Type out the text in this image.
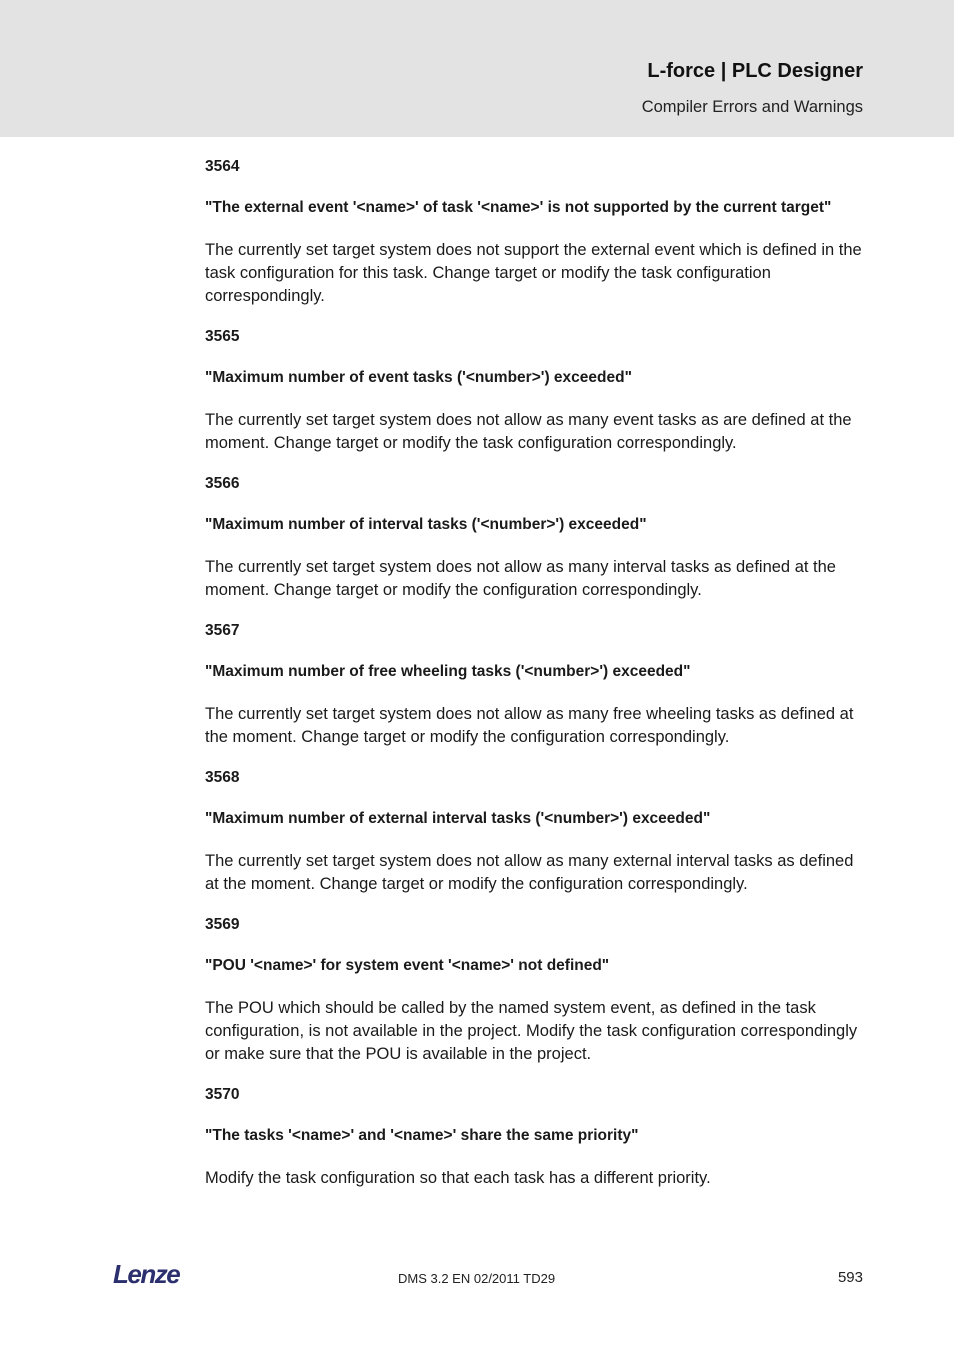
L-force | PLC Designer
Compiler Errors and Warnings
3564
"The external event '<name>' of task '<name>' is not supported by the current target"
The currently set target system does not support the external event which is defined in the task configuration for this task. Change target or modify the task configuration correspondingly.
3565
"Maximum number of event tasks ('<number>') exceeded"
The currently set target system does not allow as many event tasks as are defined at the moment. Change target or modify the task configuration correspondingly.
3566
"Maximum number of interval tasks ('<number>') exceeded"
The currently set target system does not allow as many interval tasks as defined at the moment. Change target or modify the configuration correspondingly.
3567
"Maximum number of free wheeling tasks ('<number>') exceeded"
The currently set target system does not allow as many free wheeling tasks as defined at the moment. Change target or modify the configuration correspondingly.
3568
"Maximum number of external interval tasks ('<number>') exceeded"
The currently set target system does not allow as many external interval tasks as defined at the moment. Change target or modify the configuration correspondingly.
3569
"POU '<name>' for system event '<name>' not defined"
The POU which should be called by the named system event, as defined in the task configuration, is not available in the project. Modify the task configuration correspondingly or make sure that the POU is available in the project.
3570
"The tasks '<name>' and '<name>' share the same priority"
Modify the task configuration so that each task has a different priority.
Lenze	DMS 3.2 EN 02/2011 TD29	593
